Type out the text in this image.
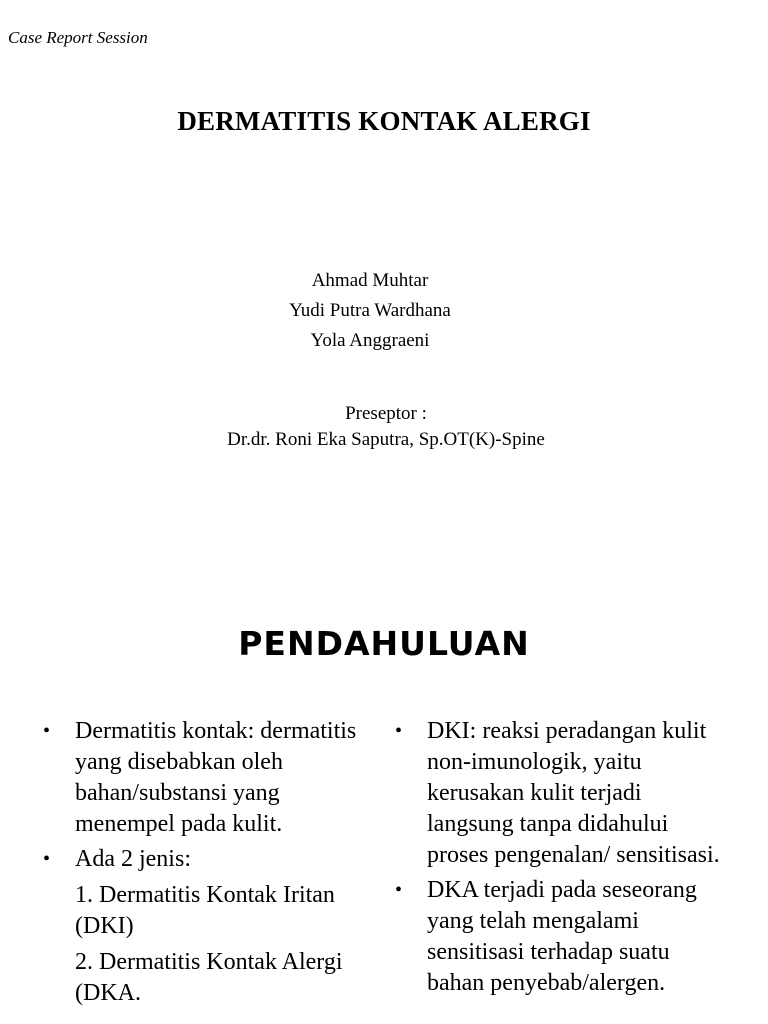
Case Report Session
DERMATITIS KONTAK ALERGI
Ahmad Muhtar
Yudi Putra Wardhana
Yola Anggraeni
Preseptor :
Dr.dr. Roni Eka Saputra, Sp.OT(K)-Spine
PENDAHULUAN
• Dermatitis kontak: dermatitis yang disebabkan oleh bahan/substansi yang menempel pada kulit.
• Ada 2 jenis:
1. Dermatitis Kontak Iritan (DKI)
2. Dermatitis Kontak Alergi (DKA.
• DKI: reaksi peradangan kulit non-imunologik, yaitu kerusakan kulit terjadi langsung tanpa didahului proses pengenalan/ sensitisasi.
• DKA terjadi pada seseorang yang telah mengalami sensitisasi terhadap suatu bahan penyebab/alergen.
